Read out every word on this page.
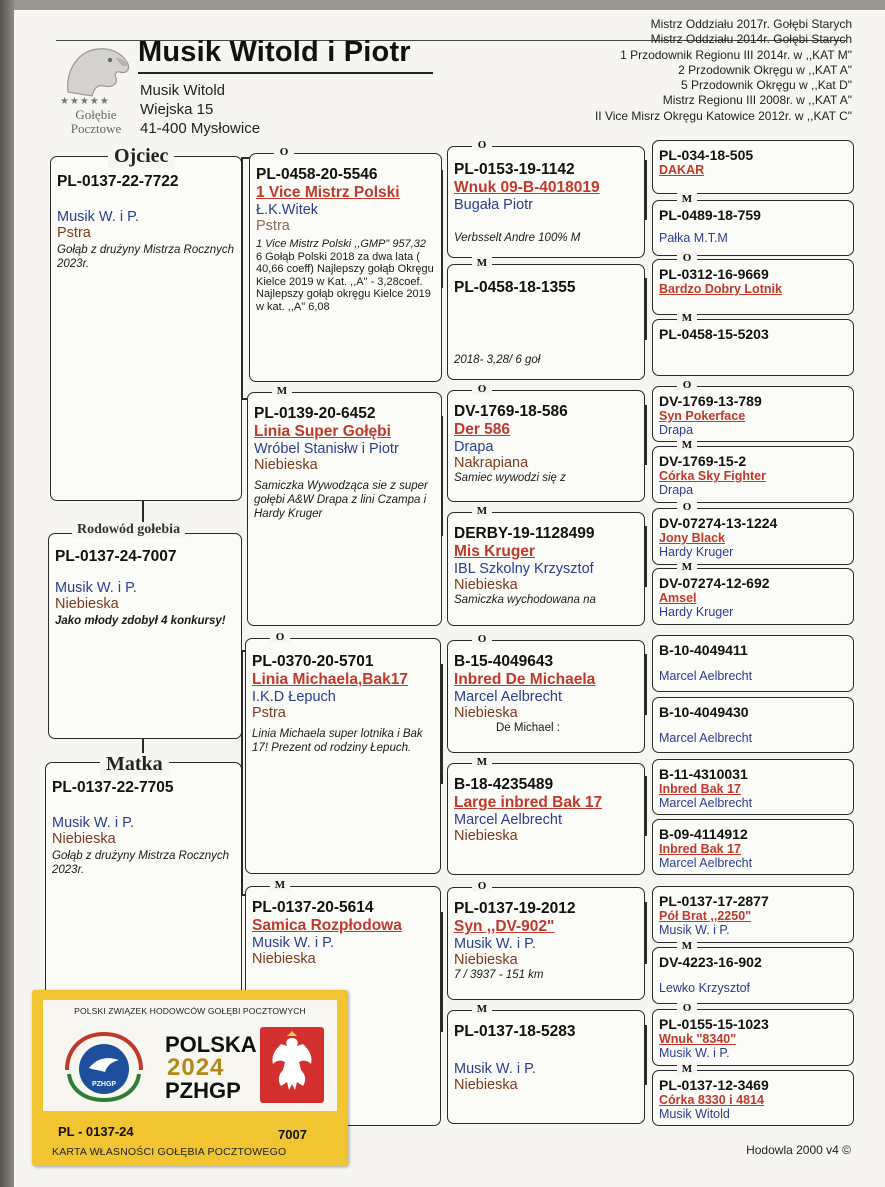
★★★★★
Gołębie Pocztowe
Musik Witold i Piotr
Musik Witold
Wiejska 15
41-400 Mysłowice
Mistrz Oddziału 2017r. Gołębi Starych
Mistrz Oddziału 2014r. Gołębi Starych
1 Przodownik Regionu III 2014r. w ,,KAT M"
2 Przodownik Okręgu w ,,KAT A"
5 Przodownik Okręgu w ,,Kat D"
Mistrz Regionu III 2008r. w ,,KAT A"
II Vice Misrz Okręgu Katowice 2012r. w ,,KAT C"
PL-0137-22-7722
Musik W. i P.
Pstra
Gołąb z drużyny Mistrza Rocznych 2023r.
Ojciec
PL-0137-24-7007
Musik W. i P.
Niebieska
Jako młody zdobył 4 konkursy!
Rodowód gołebia
PL-0137-22-7705
Musik W. i P.
Niebieska
Gołąb z drużyny Mistrza Rocznych 2023r.
Matka
O
PL-0458-20-5546
1 Vice Mistrz Polski
Ł.K.Witek
Pstra
1 Vice Mistrz Polski ,,GMP" 957,32
6 Gołąb Polski 2018 za dwa lata ( 40,66 coeff) Najlepszy gołąb Okręgu Kielce 2019 w Kat. ,,A" - 3,28coef. Najlepszy gołąb okręgu Kielce 2019 w kat. ,,A" 6,08
M
PL-0139-20-6452
Linia Super Gołębi
Wróbel Stanisłw i Piotr
Niebieska
Samiczka Wywodząca sie z super gołębi A&W Drapa z lini Czampa i Hardy Kruger
O
PL-0370-20-5701
Linia Michaela,Bak17
I.K.D Łepuch
Pstra
Linia Michaela super lotnika i Bak 17! Prezent od rodziny Łepuch.
M
PL-0137-20-5614
Samica Rozpłodowa
Musik W. i P.
Niebieska
O
PL-0153-19-1142
Wnuk 09-B-4018019
Bugała Piotr
Verbsselt Andre 100% M
M
PL-0458-18-1355
2018- 3,28/ 6 goł
O
DV-1769-18-586
Der 586
Drapa
Nakrapiana
Samiec wywodzi się z
M
DERBY-19-1128499
Mis Kruger
IBL Szkolny Krzysztof
Niebieska
Samiczka wychodowana na
O
B-15-4049643
Inbred De Michaela
Marcel Aelbrecht
Niebieska
De Michael :
M
B-18-4235489
Large inbred Bak 17
Marcel Aelbrecht
Niebieska
O
PL-0137-19-2012
Syn ,,DV-902"
Musik W. i P.
Niebieska
7 / 3937 - 151 km
M
PL-0137-18-5283
Musik W. i P.
Niebieska
PL-034-18-505
DAKAR
M
PL-0489-18-759
Pałka M.T.M
O
PL-0312-16-9669
Bardzo Dobry Lotnik
M
PL-0458-15-5203
O
DV-1769-13-789
Syn Pokerface
Drapa
M
DV-1769-15-2
Córka Sky Fighter
Drapa
O
DV-07274-13-1224
Jony Black
Hardy Kruger
M
DV-07274-12-692
Amsel
Hardy Kruger
B-10-4049411
Marcel Aelbrecht
B-10-4049430
Marcel Aelbrecht
B-11-4310031
Inbred Bak 17
Marcel Aelbrecht
B-09-4114912
Inbred Bak 17
Marcel Aelbrecht
PL-0137-17-2877
Pół Brat ,,2250"
Musik W. i P.
M
DV-4223-16-902
Lewko Krzysztof
O
PL-0155-15-1023
Wnuk "8340"
Musik W. i P.
M
PL-0137-12-3469
Córka 8330 i 4814
Musik Witold
Hodowla 2000 v4 ©
POLSKI ZWIĄZEK HODOWCÓW GOŁĘBI POCZTOWYCH
PZHGP
POLSKA
2024
PZHGP
PL - 0137-24	7007
KARTA WŁASNOŚCI GOŁĘBIA POCZTOWEGO
